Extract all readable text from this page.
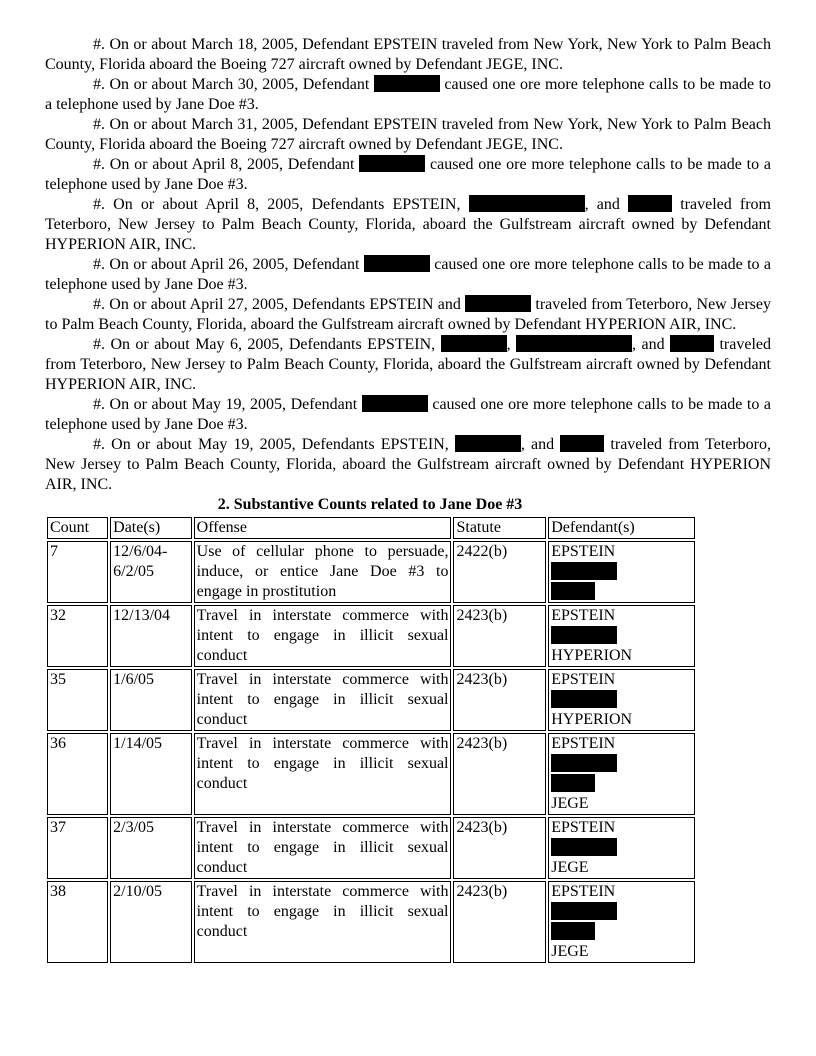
#. On or about March 18, 2005, Defendant EPSTEIN traveled from New York, New York to Palm Beach County, Florida aboard the Boeing 727 aircraft owned by Defendant JEGE, INC.

#. On or about March 30, 2005, Defendant	caused one ore more telephone calls to be made to a telephone used by Jane Doe #3.

#. On or about March 31, 2005, Defendant EPSTEIN traveled from New York, New York to Palm Beach County, Florida aboard the Boeing 727 aircraft owned by Defendant JEGE, INC.

#. On or about April 8, 2005, Defendant	caused one ore more telephone calls to be made to a telephone used by Jane Doe #3.

#. On or about April 8, 2005, Defendants EPSTEIN,	, and	traveled from Teterboro, New Jersey to Palm Beach County, Florida, aboard the Gulfstream aircraft owned by Defendant HYPERION AIR, INC.

#. On or about April 26, 2005, Defendant	caused one ore more telephone calls to be made to a telephone used by Jane Doe #3.

#. On or about April 27, 2005, Defendants EPSTEIN and	traveled from Teterboro, New Jersey to Palm Beach County, Florida, aboard the Gulfstream aircraft owned by Defendant HYPERION AIR, INC.

#. On or about May 6, 2005, Defendants EPSTEIN,	,	, and	traveled from Teterboro, New Jersey to Palm Beach County, Florida, aboard the Gulfstream aircraft owned by Defendant HYPERION AIR, INC.

#. On or about May 19, 2005, Defendant	caused one ore more telephone calls to be made to a telephone used by Jane Doe #3.

#. On or about May 19, 2005, Defendants EPSTEIN,	, and	traveled from Teterboro, New Jersey to Palm Beach County, Florida, aboard the Gulfstream aircraft owned by Defendant HYPERION AIR, INC.

2. Substantive Counts related to Jane Doe #3

Count	Date(s)	Offense	Statute	Defendant(s)
7	12/6/04-6/2/05	Use of cellular phone to persuade, induce, or entice Jane Doe #3 to engage in prostitution	2422(b)	EPSTEIN

32	12/13/04	Travel in interstate commerce with intent to engage in illicit sexual conduct	2423(b)	EPSTEIN
HYPERION

35	1/6/05	Travel in interstate commerce with intent to engage in illicit sexual conduct	2423(b)	EPSTEIN
HYPERION

36	1/14/05	Travel in interstate commerce with intent to engage in illicit sexual conduct	2423(b)	EPSTEIN
JEGE

37	2/3/05	Travel in interstate commerce with intent to engage in illicit sexual conduct	2423(b)	EPSTEIN
JEGE

38	2/10/05	Travel in interstate commerce with intent to engage in illicit sexual conduct	2423(b)	EPSTEIN
JEGE
